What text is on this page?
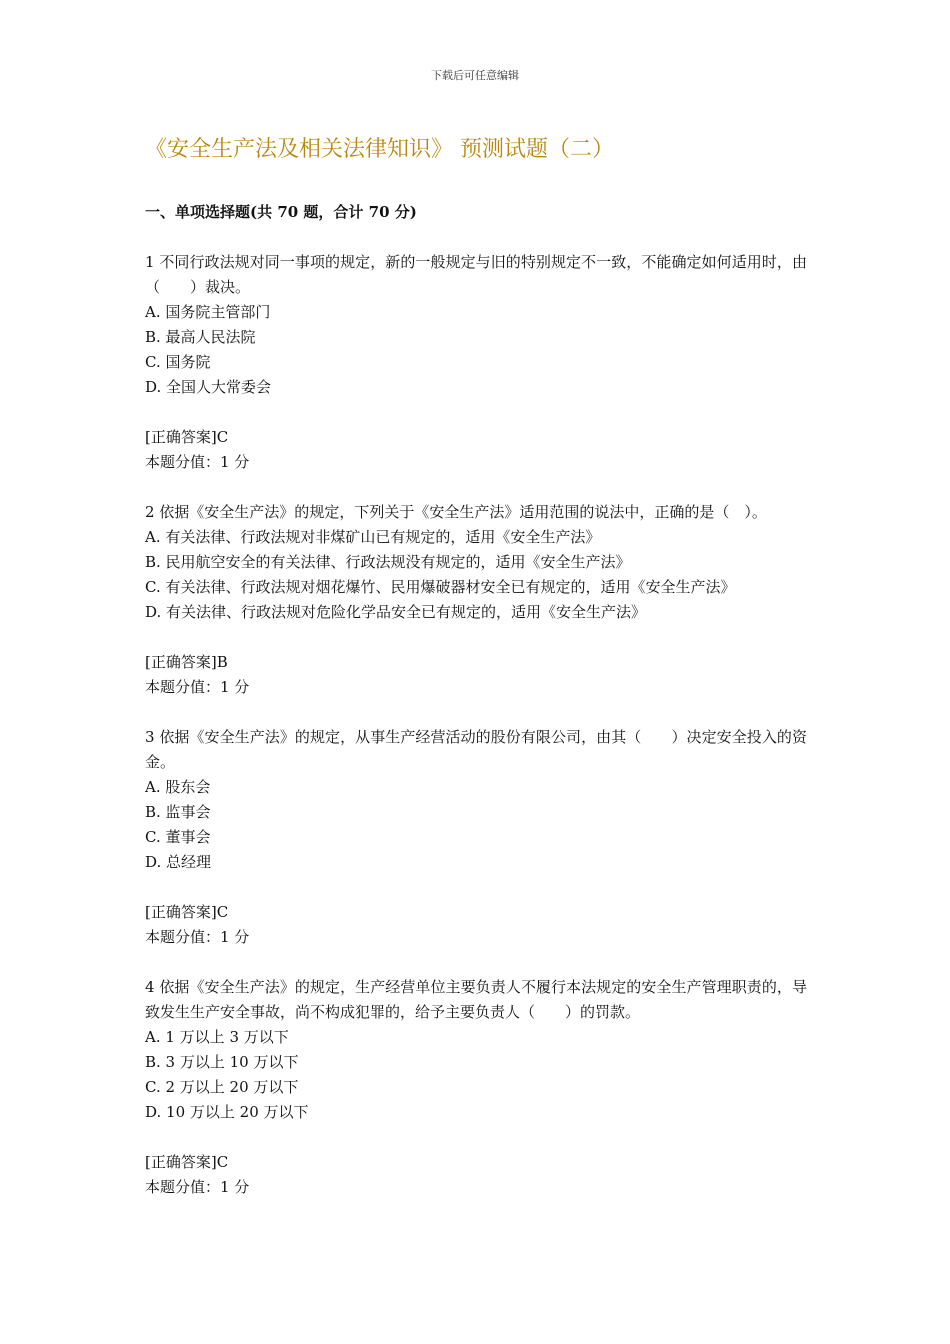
下载后可任意编辑
《安全生产法及相关法律知识》 预测试题（二）
一、单项选择题(共 70 题，合计 70 分)

1 不同行政法规对同一事项的规定，新的一般规定与旧的特别规定不一致，不能确定如何适用时，由（　　）裁决。

A. 国务院主管部门

B. 最高人民法院

C. 国务院

D. 全国人大常委会

[正确答案]C

本题分值：1 分

2 依据《安全生产法》的规定，下列关于《安全生产法》适用范围的说法中，正确的是（　）。

A. 有关法律、行政法规对非煤矿山已有规定的，适用《安全生产法》

B. 民用航空安全的有关法律、行政法规没有规定的，适用《安全生产法》

C. 有关法律、行政法规对烟花爆竹、民用爆破器材安全已有规定的，适用《安全生产法》

D. 有关法律、行政法规对危险化学品安全已有规定的，适用《安全生产法》

[正确答案]B

本题分值：1 分

3 依据《安全生产法》的规定，从事生产经营活动的股份有限公司，由其（　　）决定安全投入的资金。

A. 股东会

B. 监事会

C. 董事会

D. 总经理

[正确答案]C

本题分值：1 分

4 依据《安全生产法》的规定，生产经营单位主要负责人不履行本法规定的安全生产管理职责的，导致发生生产安全事故，尚不构成犯罪的，给予主要负责人（　　）的罚款。

A. 1 万以上 3 万以下

B. 3 万以上 10 万以下

C. 2 万以上 20 万以下

D. 10 万以上 20 万以下

[正确答案]C

本题分值：1 分
